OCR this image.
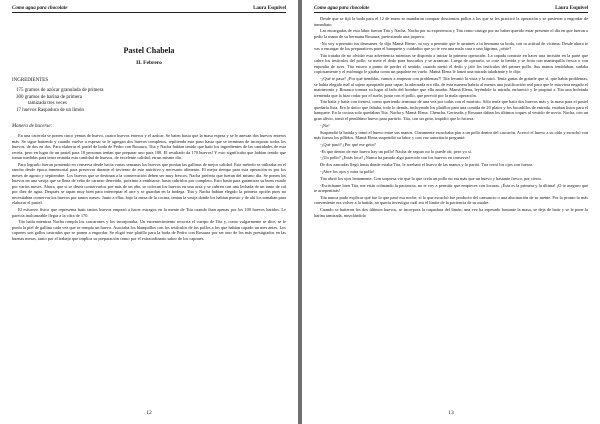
Como agua para chocolate	Laura Esquivel
Pastel Chabela
II. Febrero
INGREDIENTES
175 gramos de azúcar granulada de primera
300 gramos de harina de primera
tamizada tres veces
17 huevos Raspadura de un limón
Manera de hacerse:

En una cacerola se ponen cinco yemas de huevo, cuatro huevos enteros y el azúcar. Se baten hasta que la masa espesa y se le anexan dos huevos enteros más. Se sigue batiendo y cuando vuelve a espesar se le agregan dos huevos completos, repitiendo este paso hasta que se terminan de incorporar todos los huevos, de dos en dos. Para elaborar el pastel de boda de Pedro con Rosaura, Tita y Nacha habían tenido que batir los ingredientes de las cantidades de esta receta, pero en lugar de un pastel para 18 personas tenían que preparar uno para 180. El resultado da 170 huevos! Y esto significaba que habían tenido que tomar medidas para tener reunida esta cantidad de huevos, de excelente calidad, en un mismo día.

Para lograrlo fueron poniendo en conserva desde hacía varias semanas los huevos que ponían las gallinas de mejor calidad. Este método se utilizaba en el rancho desde época inmemorial para preservar durante el invierno de este nutritivo y necesario alimento. El mejor tiempo para esta operación es por los meses de agosto y septiembre. Los huevos que se destinan a la conservación deben ser muy frescos. Nacha prefería que fueran del mismo día. Se ponen los huevos en una vasija que se llena de cebo de carnero derretido, próximo a entibiarse, hasta cubrirlos por completo. Esto basta para garantizar su buen estado por varios meses. Ahora, que si se desea conservarlos por más de un año, se colocan los huevos en una orza y se cubren con una lechada de un tanto de cal por diez de agua. Después se tapan muy bien para interceptar el aire y se guardan en la bodega. Tita y Nacha habían elegido la primera opción pues no necesitaban conservar los huevos por tantos meses. Junto a ellas, bajo la mesa de la cocina, tenían la vasija donde los habían puesto y de ahí los tomaban para elaborar el pastel.

El esfuerzo físico que representa batir tantos huevos empezó a hacer estragos en la mente de Tita cuando iban apenas por los 100 huevos batidos. Le parecía inalcanzable llegar a la cifra de 170.

Tita batía mientras Nacha rompía los cascarones y los incorporaba. Un estremecimiento recorría el cuerpo de Tita y, como vulgarmente se dice, se le ponía la piel de gallina cada vez que se rompía un huevo. Asociaba los blanquillos con los testículos de los pollos a los que habían capado un mes antes. Los capones son gallos castrados que se ponen a engordar. Se eligió este platillo para la boda de Pedro con Rosaura por ser uno de los más prestigiados en las buenas mesas, tanto por el trabajo que implica su preparación como por el extraordinario sabor de los capones.

12
Como agua para chocolate	Laura Esquivel

Desde que se fijó la boda para el 12 de enero se mandaron comprar doscientos pollos a los que se les practicó la operación y se pusieron a engordar de inmediato.

Las encargadas de esta labor fueron Tita y Nacha. Nacha por su experiencia y Tita como castigo por no haber querido estar presente el día en que fueron a pedir la mano de su hermana Rosaura, pretextando una jaqueca.

-No voy a permitir tus desmanes -le dijo Mamá Elena-, ni voy a permitir que le arruines a tu hermana su boda, con tu actitud de víctima. Desde ahora te vas a encargar de los preparativos para el banquete y cuidadito que yo te vea una mala cara o una lágrima, ¿oíste?

Tita trataba de no olvidar esta advertencia mientras se disponía a iniciar la primera operación. La capada consiste en hacer una incisión en la parte que cubre los testículos del pollo, se mete el dedo para buscarlos y se arrancan. Luego de operarlo, se cose la herida y se frota con mantequilla fresca o con enjundia de aves. Tita estuvo a punto de perder el sentido, cuando metió el dedo y jaló los testículos del primer pollo. Sus manos temblaban, sudaba copiosamente y el estómago le giraba como un papalote en vuelo. Mamá Elena le lanzó una mirada taladrante y le dijo:

-¿Qué te pasa? ¿Por qué tiemblas, vamos a empezar con problemas?! Tita levantó la vista y la miró. Tenía ganas de gritarle que sí, que había problemas, se había elegido mal al sujeto apropiado para capar, la adecuada era ella, de esta manera habría al menos una justificación real para que le estuviera negado el matrimonio y Rosaura tomara su lugar al lado del hombre que ella amaba. Mamá Elena, leyéndole la mirada, enfureció y le propinó a Tita una bofetada tremenda que la hizo rodar por el suelo, junto con el pollo, que pereció por la mala operación.

Tita batía y batía con frenesí, como queriendo terminar de una vez por todas con el martirio. Sólo tenía que batir dos huevos más y la masa para el pastel quedaría lista. Era lo único que faltaba, todo lo demás, incluyendo los platillos para una comida de 20 platos y los bocadillos de entrada, estaban listos para el banquete. En la cocina solo quedaban Tita, Nacha y Mamá Elena. Chencha, Gertrudis y Rosaura daban los últimos toques al vestido de novia. Nacha, con un gran alivio, tomó el penúltimo huevo para partirlo. Tita, con un grito, impidió que lo hiciera.

-¡No!

Suspendió la batida y tomó el huevo entre sus manos. Claramente escuchaba piar a un pollo dentro del cascarón. Acercó el huevo a su oído y escuchó con más fuerza los píllidos. Mamá Elena suspendió su labor y con voz autoritaria preguntó:

-¿Qué pasó? ¿Por qué ese grito?

-Es que dentro de este huevo hay un pollo! Nacha de seguro no lo puede oír, pero yo sí.

-¿Un pollo? ¿Estás loca? ¡Nunca ha pasado algo parecido con los huevos en conserva!

De dos zancadas llegó hasta donde estaba Tita, le arrebató el huevo de las manos y lo partió. Tita cerró los ojos con fuerza.

-¡Abre los ojos y mira tu pollo!

Tita abrió los ojos lentamente. Con sorpresa vio que lo que creía un pollo no era más que un huevo y bastante fresco, por cierto.

-Escúchame bien Tita, me estás colmando la paciencia, no te voy a permitir que empieces con locuras. ¡Ésta es la primera y la última! ¡O te aseguro que te arrepentirás!

Tita nunca pudo explicar qué fue lo que pasó esa noche, si lo que escuchó fue producto del cansancio o una alucinación de su mente. Por lo pronto lo más conveniente era volver a la batida, no quería investigar cuál era el límite de la paciencia de su madre.

Cuando se batieron los dos últimos huevos, se incorpora la raspadura del limón; una vez ha espesado bastante la masa, se deja de batir y se le pone la harina tamizada, mezclándola

13
